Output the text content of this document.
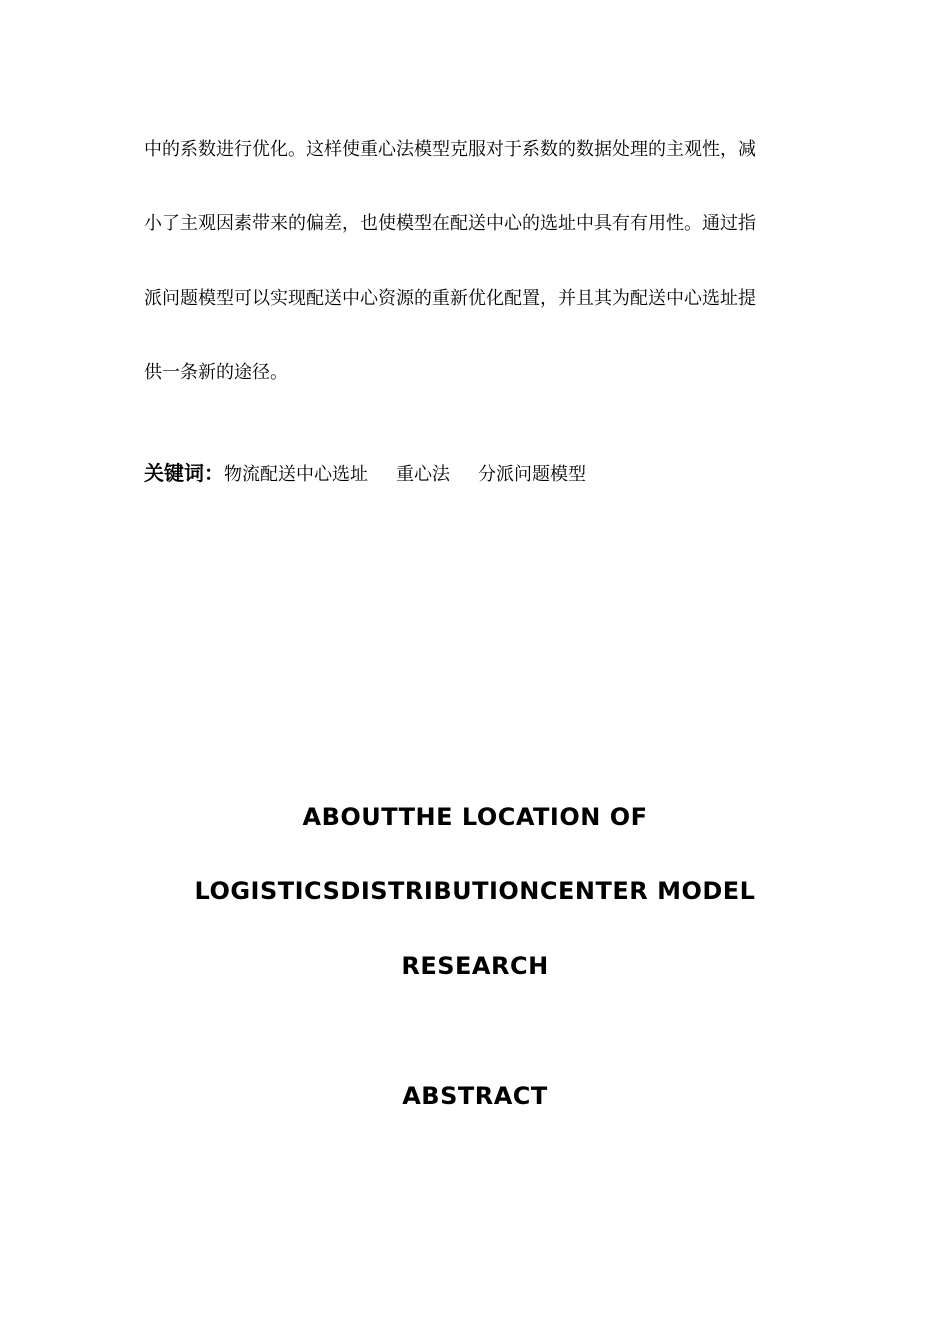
中的系数进行优化。这样使重心法模型克服对于系数的数据处理的主观性，减
小了主观因素带来的偏差，也使模型在配送中心的选址中具有有用性。通过指
派问题模型可以实现配送中心资源的重新优化配置，并且其为配送中心选址提
供一条新的途径。
关键词：物流配送中心选址 重心法 分派问题模型
ABOUTTHE LOCATION OF
LOGISTICSDISTRIBUTIONCENTER MODEL
RESEARCH
ABSTRACT
